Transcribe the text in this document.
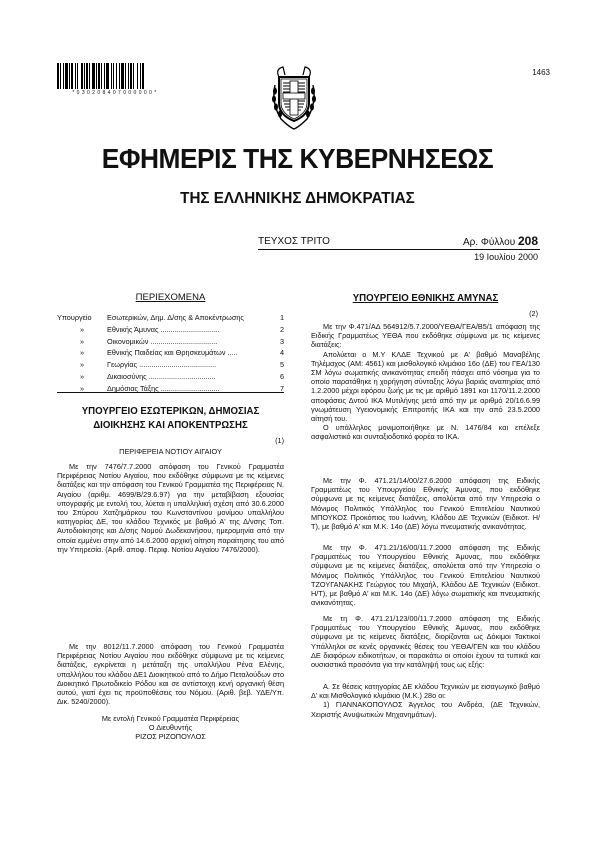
* 0 3 0 2 0 8 4 0 7 0 0 0 0 0 0 *
1463
ΕΦΗΜΕΡΙΣ ΤΗΣ ΚΥΒΕΡΝΗΣΕΩΣ
ΤΗΣ ΕΛΛΗΝΙΚΗΣ ΔΗΜΟΚΡΑΤΙΑΣ
ΤΕΥΧΟΣ ΤΡΙΤΟ	Αρ. Φύλλου 208
19 Ιουλίου 2000
ΠΕΡΙΕΧΟΜΕΝΑ
Υπουργείο	Εσωτερικών, Δημ. Δ/σης & Αποκέντρωσης	1
»	Εθνικής Άμυνας .............................	2
»	Οικονομικών .................................	3
»	Εθνικής Παιδείας και Θρησκευμάτων .....	4
»	Γεωργίας ......................................	5
»	Δικαιοσύνης .................................	6
»	Δημόσιας Τάξης .............................	7
ΥΠΟΥΡΓΕΙΟ ΕΣΩΤΕΡΙΚΩΝ, ΔΗΜΟΣΙΑΣ ΔΙΟΙΚΗΣΗΣ ΚΑΙ ΑΠΟΚΕΝΤΡΩΣΗΣ
(1)
ΠΕΡΙΦΕΡΕΙΑ ΝΟΤΙΟΥ ΑΙΓΑΙΟΥ
Με την 7476/7.7.2000 απόφαση του Γενικού Γραμματέα Περιφέρειας Νοτίου Αιγαίου, που εκδόθηκε σύμφωνα με τις κείμενες διατάξεις και την απόφαση του Γενικού Γραμματέα της Περιφέρειας Ν. Αιγαίου (αριθμ. 4699/Β/29.6.97) για την μεταβίβαση εξουσίας υπογραφής με εντολή του, λύεται η υπαλληλική σχέση από 30.6.2000 του Σπύρου Χατζημάρκου του Κωνσταντίνου μονίμου υπαλλήλου κατηγορίας ΔΕ, του κλάδου Τεχνικός με βαθμό Α' της Δ/νσης Τοπ. Αυτοδιοίκησης και Δ/σης Νομού Δωδεκανήσου, ημερομηνία από την οποία εμμένει στην από 14.6.2000 αρχική αίτηση παραίτησης του από την Υπηρεσία. (Αριθ. αποφ. Περιφ. Νοτίου Αιγαίου 7476/2000).
Με την 8012/11.7.2000 απόφαση του Γενικού Γραμματέα Περιφέρειας Νοτίου Αιγαίου που εκδόθηκε σύμφωνα με τις κείμενες διατάξεις, εγκρίνεται η μετάταξη της υπαλλήλου Ρένα Ελένης, υπαλλήλου του κλάδου ΔΕ1 Διοικητικού από το Δήμο Πεταλούδων στο Διοικητικό Πρωτοδικείο Ρόδου και σε αντίστοιχη κενή οργανική θέση αυτού, γιατί έχει τις προϋποθέσεις του Νόμου. (Αριθ. βεβ. ΥΔΕ/Υπ. Δικ. 5240/2000).
Με εντολή Γενικού Γραμματέα Περιφέρειας
Ο Διευθυντής
ΡΙΖΟΣ ΡΙΖΟΠΟΥΛΟΣ
ΥΠΟΥΡΓΕΙΟ ΕΘΝΙΚΗΣ ΑΜΥΝΑΣ
(2)
Με την Φ.471/ΑΔ 564912/5.7.2000/ΥΕΘΑ/ΓΕΑ/Β5/1 απόφαση της Ειδικής Γραμματέως ΥΕΘΑ που εκδόθηκε σύμφωνα με τις κείμενες διατάξεις:
Απολύεται ο Μ.Υ ΚΛΔΕ Τεχνικού με Α' βαθμό Μαναβέλης Τηλέμαχος (ΑΜ: 4561) και μισθολογικό κλιμάκιο 16ο (ΔΕ) του ΓΕΑ/130 ΣΜ λόγω σωματικής ανικανότητας επειδή πάσχει από νόσημα για το οποίο παρατάθηκε η χορήγηση σύνταξης λόγω βαριάς αναπηρίας από 1.2.2000 μέχρι εφόρου ζωής με τις με αριθμό 1891 και 1170/11.2.2000 αποφάσεις Δντού ΙΚΑ Μυτιλήνης μετά από την με αριθμό 20/16.6.99 γνωμάτευση Υγειονομικής Επιτροπής ΙΚΑ και την από 23.5.2000 αίτησή του.
Ο υπάλληλος μονιμοποιήθηκε με Ν. 1476/84 και επέλεξε ασφαλιστικό και συνταξιοδοτικό φορέα το ΙΚΑ.
Με την Φ. 471.21/14/00/27.6.2000 απόφαση της Ειδικής Γραμματέως του Υπουργείου Εθνικής Άμυνας, που εκδόθηκε σύμφωνα με τις κείμενες διατάξεις, απολύεται από την Υπηρεσία ο Μόνιμος Πολιτικός Υπάλληλος του Γενικού Επιτελείου Ναυτικού ΜΠΟΥΚΟΣ Προκόπιος του Ιωάννη, Κλάδου ΔΕ Τεχνικών (Ειδικοτ. Η/Τ), με βαθμό Α' και Μ.Κ. 14ο (ΔΕ) λόγω πνευματικής ανικανότητας.
Με την Φ. 471.21/16/00/11.7.2000 απόφαση της Ειδικής Γραμματέως του Υπουργείου Εθνικής Άμυνας, που εκδόθηκε σύμφωνα με τις κείμενες διατάξεις, απολύεται από την Υπηρεσία ο Μόνιμος Πολιτικός Υπάλληλος του Γενικού Επιτελείου Ναυτικού ΤΖΟΥΓΑΝΑΚΗΣ Γεώργιος του Μιχαήλ, Κλάδου ΔΕ Τεχνικών (Ειδικοτ. Η/Τ), με βαθμό Α' και Μ.Κ. 14ο (ΔΕ) λόγω σωματικής και πνευματικής ανικανότητας.
Με τη Φ. 471.21/123/00/11.7.2000 απόφαση της Ειδικής Γραμματέως του Υπουργείου Εθνικής Άμυνας, που εκδόθηκε σύμφωνα με τις κείμενες διατάξεις, διορίζονται ως Δόκιμοι Τακτικοί Υπάλληλοι σε κενές οργανικές θέσεις του ΥΕΘΑ/ΓΕΝ και του κλάδου ΔΕ διαφόρων ειδικοτήτων, οι παρακάτω οι οποίοι έχουν τα τυπικά και ουσιαστικά προσόντα για την κατάληψή τους ως εξής:
Α. Σε θέσεις κατηγορίας ΔΕ κλάδου Τεχνικών με εισαγωγικό βαθμό Δ' και Μισθολογικό κλιμάκιο (Μ.Κ.) 28ο οι:
1) ΓΙΑΝΝΑΚΟΠΟΥΛΟΣ Άγγελος του Ανδρέα, (ΔΕ Τεχνικών, Χειριστής Ανυψωτικών Μηχανημάτων).
